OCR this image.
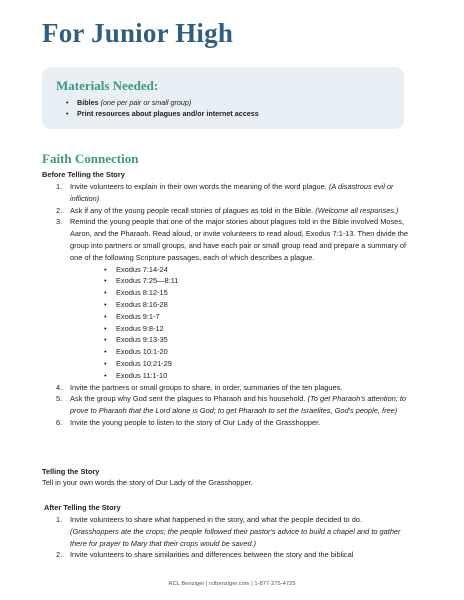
For Junior High
Materials Needed:
• Bibles (one per pair or small group)
• Print resources about plagues and/or internet access
Faith Connection

Before Telling the Story

1. Invite volunteers to explain in their own words the meaning of the word plague. (A disastrous evil or infliction)
2. Ask if any of the young people recall stories of plagues as told in the Bible. (Welcome all responses.)
3. Remind the young people that one of the major stories about plagues told in the Bible involved Moses, Aaron, and the Pharaoh. Read aloud, or invite volunteers to read aloud, Exodus 7:1-13. Then divide the group into partners or small groups, and have each pair or small group read and prepare a summary of one of the following Scripture passages, each of which describes a plague.
• Exodus 7:14-24
• Exodus 7:25—8:11
• Exodus 8:12-15
• Exodus 8:16-28
• Exodus 9:1-7
• Exodus 9:8-12
• Exodus 9:13-35
• Exodus 10:1-20
• Exodus 10:21-29
• Exodus 11:1-10
4. Invite the partners or small groups to share, in order, summaries of the ten plagues.
5. Ask the group why God sent the plagues to Pharaoh and his household. (To get Pharaoh's attention; to prove to Pharaoh that the Lord alone is God; to get Pharaoh to set the Israelites, God's people, free)
6. Invite the young people to listen to the story of Our Lady of the Grasshopper.

Telling the Story

Tell in your own words the story of Our Lady of the Grasshopper.

After Telling the Story

1. Invite volunteers to share what happened in the story, and what the people decided to do. (Grasshoppers ate the crops; the people followed their pastor's advice to build a chapel and to gather there for prayer to Mary that their crops would be saved.)
2. Invite volunteers to share similarities and differences between the story and the biblical
RCL Benziger | rclbenziger.com | 1-877-275-4725
